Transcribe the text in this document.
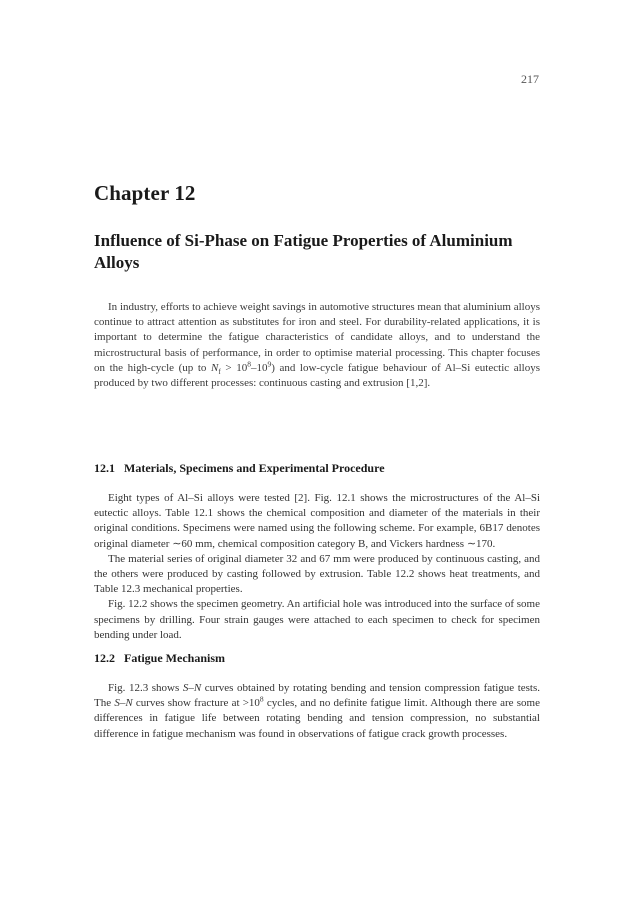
217
Chapter 12
Influence of Si-Phase on Fatigue Properties of Aluminium Alloys

In industry, efforts to achieve weight savings in automotive structures mean that aluminium alloys continue to attract attention as substitutes for iron and steel. For durability-related applications, it is important to determine the fatigue characteristics of candidate alloys, and to understand the microstructural basis of performance, in order to optimise material processing. This chapter focuses on the high-cycle (up to $N_f > 10^8-10^9$) and low-cycle fatigue behaviour of Al–Si eutectic alloys produced by two different processes: continuous casting and extrusion [1,2].

12.1 Materials, Specimens and Experimental Procedure

Eight types of Al–Si alloys were tested [2]. Fig. 12.1 shows the microstructures of the Al–Si eutectic alloys. Table 12.1 shows the chemical composition and diameter of the materials in their original conditions. Specimens were named using the following scheme. For example, 6B17 denotes original diameter ∼60 mm, chemical composition category B, and Vickers hardness ∼170.

The material series of original diameter 32 and 67 mm were produced by continuous casting, and the others were produced by casting followed by extrusion. Table 12.2 shows heat treatments, and Table 12.3 mechanical properties.

Fig. 12.2 shows the specimen geometry. An artificial hole was introduced into the surface of some specimens by drilling. Four strain gauges were attached to each specimen to check for specimen bending under load.

12.2 Fatigue Mechanism

Fig. 12.3 shows S–N curves obtained by rotating bending and tension compression fatigue tests. The S–N curves show fracture at $>10^8$ cycles, and no definite fatigue limit. Although there are some differences in fatigue life between rotating bending and tension compression, no substantial difference in fatigue mechanism was found in observations of fatigue crack growth processes.
